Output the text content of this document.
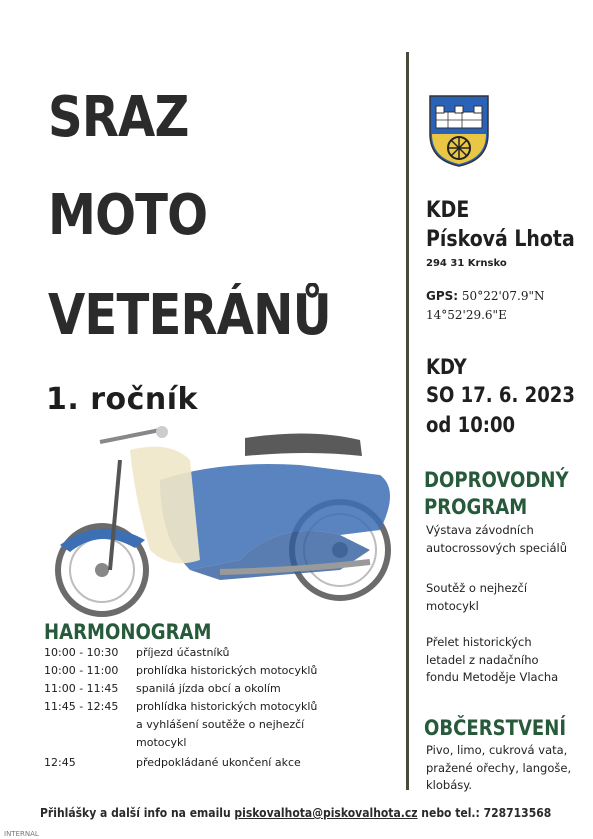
SRAZ
MOTO
VETERÁNŮ
1. ročník
HARMONOGRAM
10:00 - 10:30	příjezd účastníků
10:00 - 11:00	prohlídka historických motocyklů
11:00 - 11:45	spanilá jízda obcí a okolím
11:45 - 12:45	prohlídka historických motocyklů
a vyhlášení soutěže o nejhezčí
motocykl
12:45	předpokládané ukončení akce
KDE
Písková Lhota
294 31 Krnsko
GPS: 50°22'07.9"N
14°52'29.6"E
KDY
SO 17. 6. 2023
od 10:00
DOPROVODNÝ
PROGRAM
Výstava závodních
autocrossových speciálů
Soutěž o nejhezčí
motocykl
Přelet historických
letadel z nadačního
fondu Metoděje Vlacha
OBČERSTVENÍ
Pivo, limo, cukrová vata,
pražené ořechy, langoše,
klobásy.
Přihlášky a další info na emailu piskovalhota@piskovalhota.cz nebo tel.: 728713568
INTERNAL
